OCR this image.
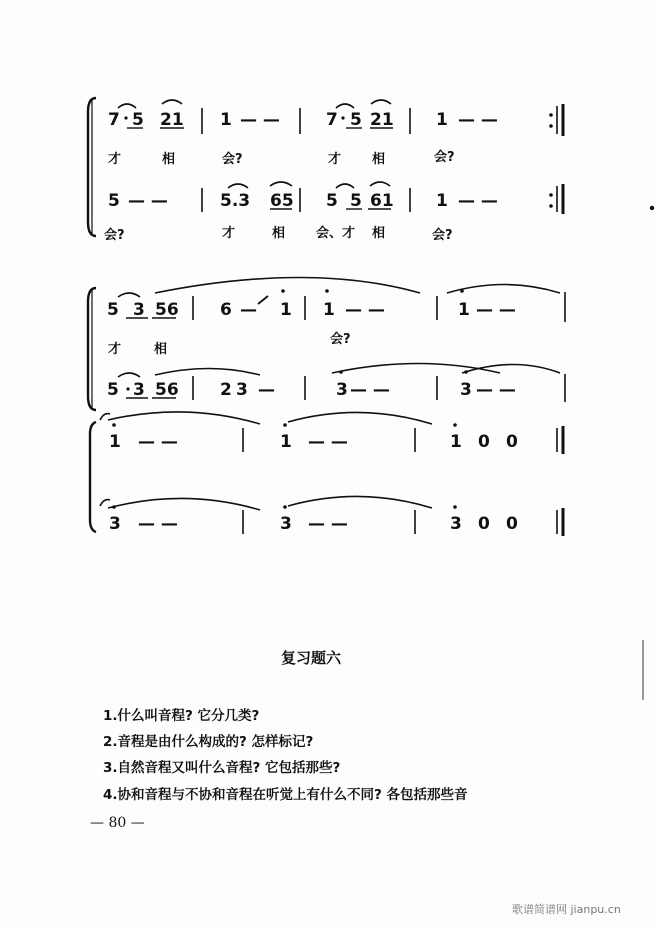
7 5 21 1 — —	7 5 21 1 — —
才	相	会?	才 相	会?
5 — —	5.3 65 5 5 61 1 — —
会?	才	相 会、才 相	会?
5 3 56 6 — 1 1 — —	1 — —
才	相
会?
5 3 56 2 3 —	3 — —	3 — —
1 — —	1 — —	1 0 0
3 — —	3 — —	3 0 0
复习题六
1.什么叫音程? 它分几类?
2.音程是由什么构成的? 怎样标记?
3.自然音程又叫什么音程? 它包括那些?
4.协和音程与不协和音程在听觉上有什么不同? 各包括那些音
— 80 —
歌谱简谱网 jianpu.cn
